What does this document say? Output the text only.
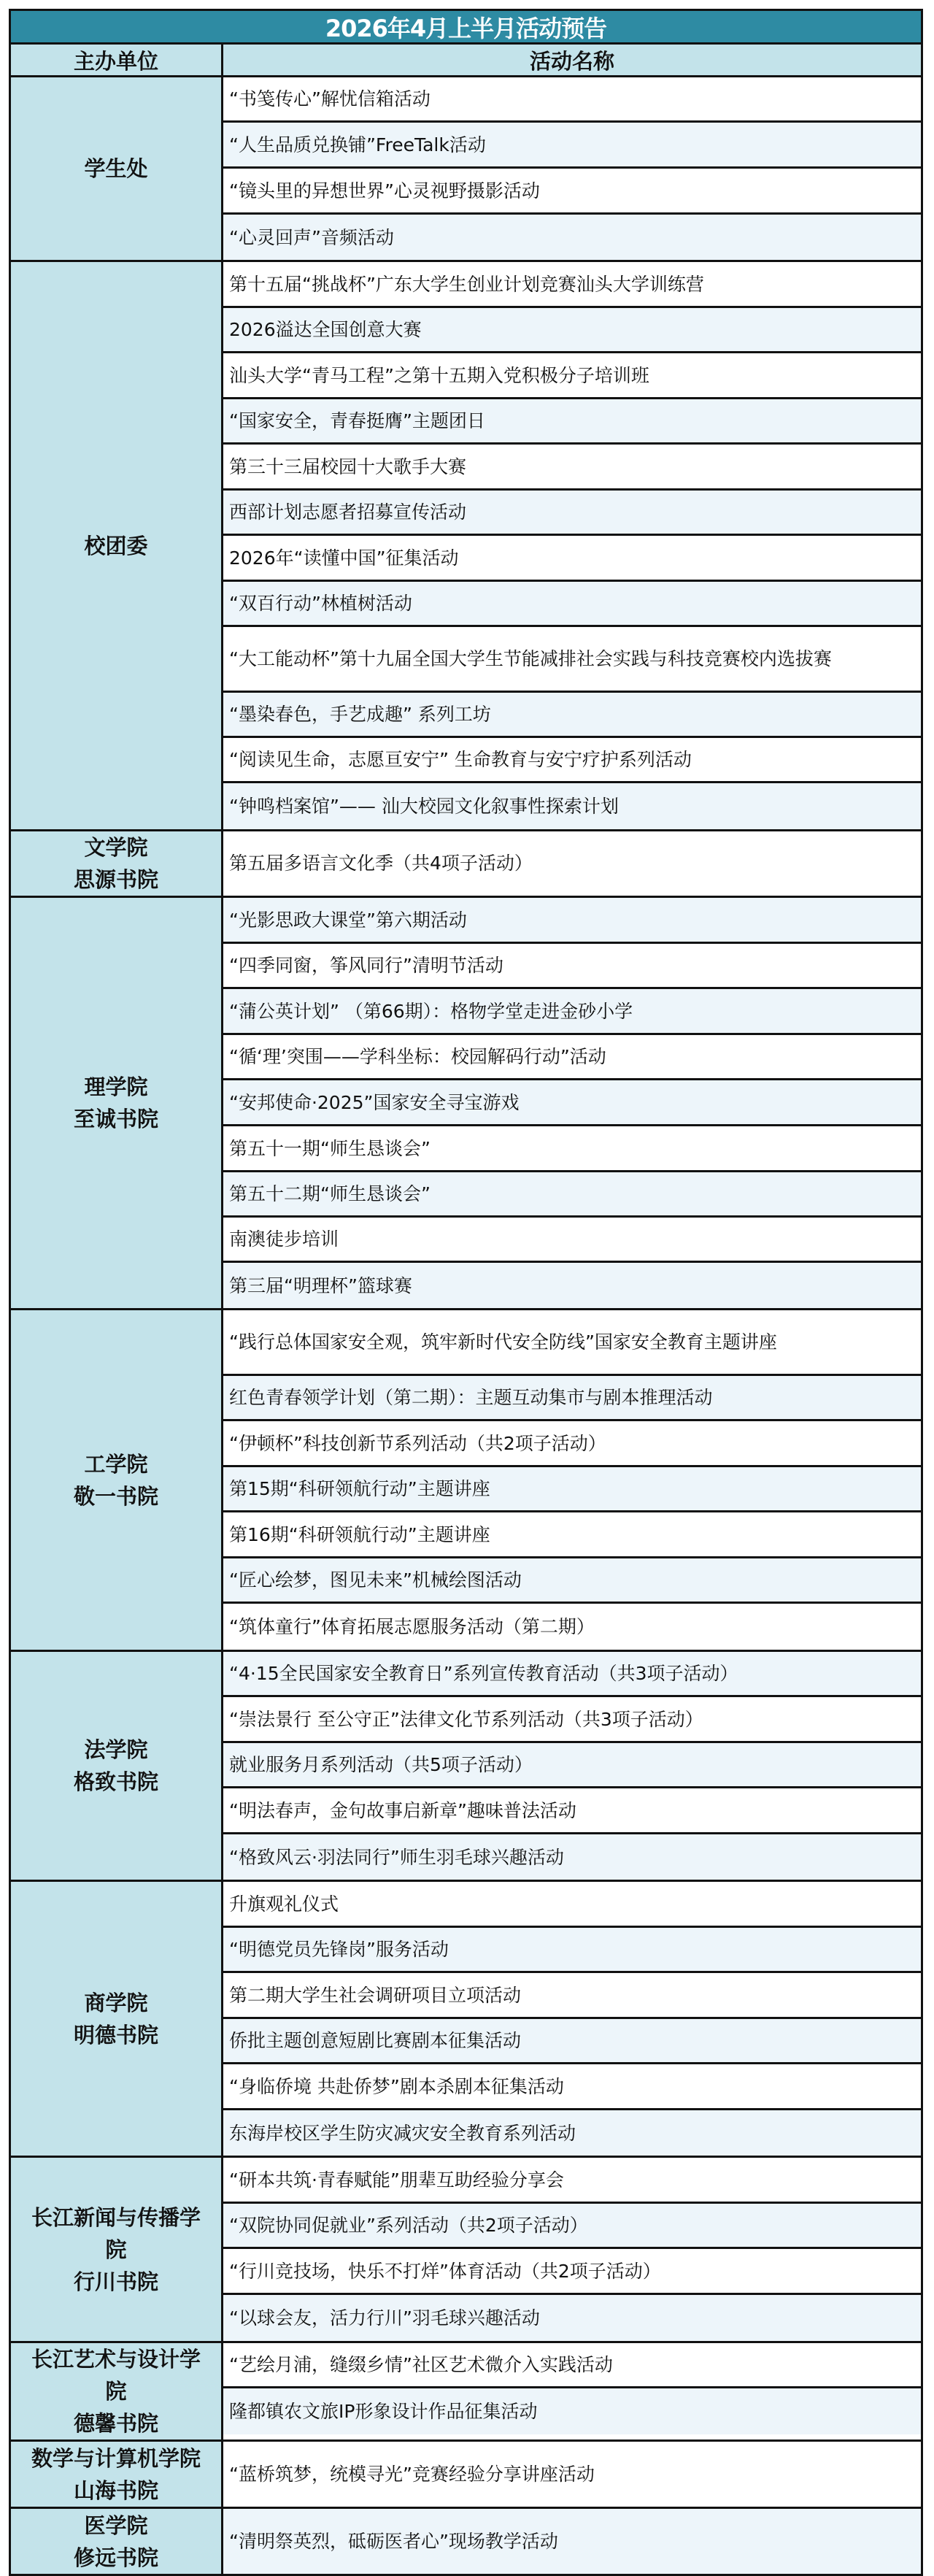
2026年4月上半月活动预告
主办单位	活动名称
学生处
“书笺传心”解忧信箱活动
“人生品质兑换铺”FreeTalk活动
“镜头里的异想世界”心灵视野摄影活动
“心灵回声”音频活动
校团委
第十五届“挑战杯”广东大学生创业计划竞赛汕头大学训练营
2026溢达全国创意大赛
汕头大学“青马工程”之第十五期入党积极分子培训班
“国家安全，青春挺膺”主题团日
第三十三届校园十大歌手大赛
西部计划志愿者招募宣传活动
2026年“读懂中国”征集活动
“双百行动”林植树活动
“大工能动杯”第十九届全国大学生节能减排社会实践与科技竞赛校内选拔赛
“墨染春色，手艺成趣” 系列工坊
“阅读见生命，志愿亘安宁” 生命教育与安宁疗护系列活动
“钟鸣档案馆”—— 汕大校园文化叙事性探索计划
文学院
思源书院
第五届多语言文化季（共4项子活动）
理学院
至诚书院
“光影思政大课堂”第六期活动
“四季同窗，筝风同行”清明节活动
“蒲公英计划” （第66期）：格物学堂走进金砂小学
“循‘理’突围——学科坐标：校园解码行动”活动
“安邦使命·2025”国家安全寻宝游戏
第五十一期“师生恳谈会”
第五十二期“师生恳谈会”
南澳徒步培训
第三届“明理杯”篮球赛
工学院
敬一书院
“践行总体国家安全观，筑牢新时代安全防线”国家安全教育主题讲座
红色青春领学计划（第二期）：主题互动集市与剧本推理活动
“伊顿杯”科技创新节系列活动（共2项子活动）
第15期“科研领航行动”主题讲座
第16期“科研领航行动”主题讲座
“匠心绘梦，图见未来”机械绘图活动
“筑体童行”体育拓展志愿服务活动（第二期）
法学院
格致书院
“4·15全民国家安全教育日”系列宣传教育活动（共3项子活动）
“崇法景行 至公守正”法律文化节系列活动（共3项子活动）
就业服务月系列活动（共5项子活动）
“明法春声，金句故事启新章”趣味普法活动
“格致风云·羽法同行”师生羽毛球兴趣活动
商学院
明德书院
升旗观礼仪式
“明德党员先锋岗”服务活动
第二期大学生社会调研项目立项活动
侨批主题创意短剧比赛剧本征集活动
“身临侨境 共赴侨梦”剧本杀剧本征集活动
东海岸校区学生防灾减灾安全教育系列活动
长江新闻与传播学院
行川书院
“研本共筑·青春赋能”朋辈互助经验分享会
“双院协同促就业”系列活动（共2项子活动）
“行川竞技场，快乐不打烊”体育活动（共2项子活动）
“以球会友，活力行川”羽毛球兴趣活动
长江艺术与设计学院
德馨书院
“艺绘月浦，缝缀乡情”社区艺术微介入实践活动
隆都镇农文旅IP形象设计作品征集活动
数学与计算机学院
山海书院
“蓝桥筑梦，统模寻光”竞赛经验分享讲座活动
医学院
修远书院
“清明祭英烈，砥砺医者心”现场教学活动
